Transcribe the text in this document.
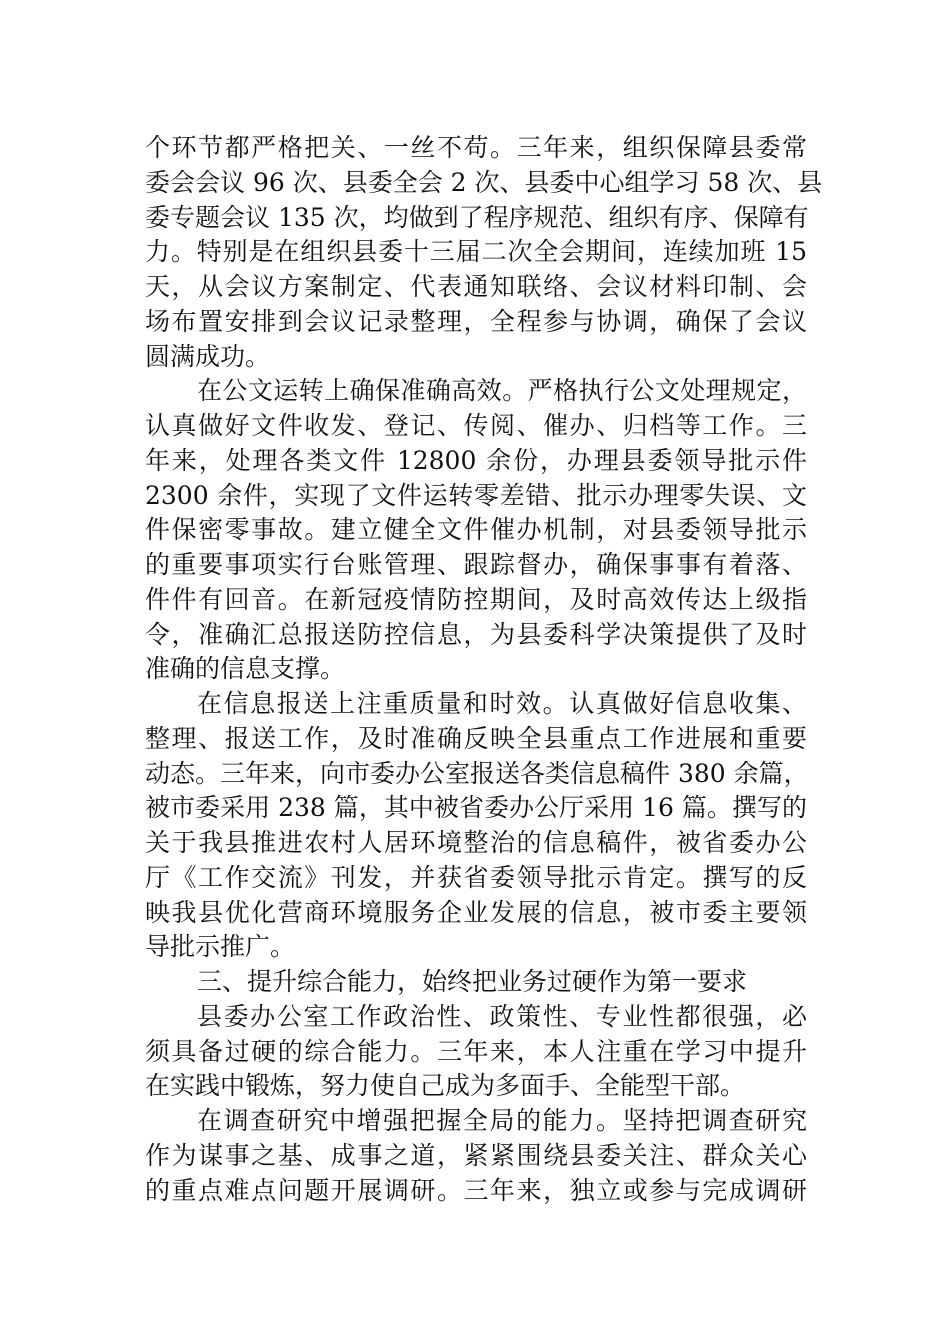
个环节都严格把关、一丝不苟。三年来，组织保障县委常
委会会议 96 次、县委全会 2 次、县委中心组学习 58 次、县
委专题会议 135 次，均做到了程序规范、组织有序、保障有
力。特别是在组织县委十三届二次全会期间，连续加班 15
天，从会议方案制定、代表通知联络、会议材料印制、会
场布置安排到会议记录整理，全程参与协调，确保了会议
圆满成功。
在公文运转上确保准确高效。严格执行公文处理规定，
认真做好文件收发、登记、传阅、催办、归档等工作。三
年来，处理各类文件 12800 余份，办理县委领导批示件
2300 余件，实现了文件运转零差错、批示办理零失误、文
件保密零事故。建立健全文件催办机制，对县委领导批示
的重要事项实行台账管理、跟踪督办，确保事事有着落、
件件有回音。在新冠疫情防控期间，及时高效传达上级指
令，准确汇总报送防控信息，为县委科学决策提供了及时
准确的信息支撑。
在信息报送上注重质量和时效。认真做好信息收集、
整理、报送工作，及时准确反映全县重点工作进展和重要
动态。三年来，向市委办公室报送各类信息稿件 380 余篇，
被市委采用 238 篇，其中被省委办公厅采用 16 篇。撰写的
关于我县推进农村人居环境整治的信息稿件，被省委办公
厅《工作交流》刊发，并获省委领导批示肯定。撰写的反
映我县优化营商环境服务企业发展的信息，被市委主要领
导批示推广。
三、提升综合能力，始终把业务过硬作为第一要求
县委办公室工作政治性、政策性、专业性都很强，必
须具备过硬的综合能力。三年来，本人注重在学习中提升
在实践中锻炼，努力使自己成为多面手、全能型干部。
在调查研究中增强把握全局的能力。坚持把调查研究
作为谋事之基、成事之道，紧紧围绕县委关注、群众关心
的重点难点问题开展调研。三年来，独立或参与完成调研
